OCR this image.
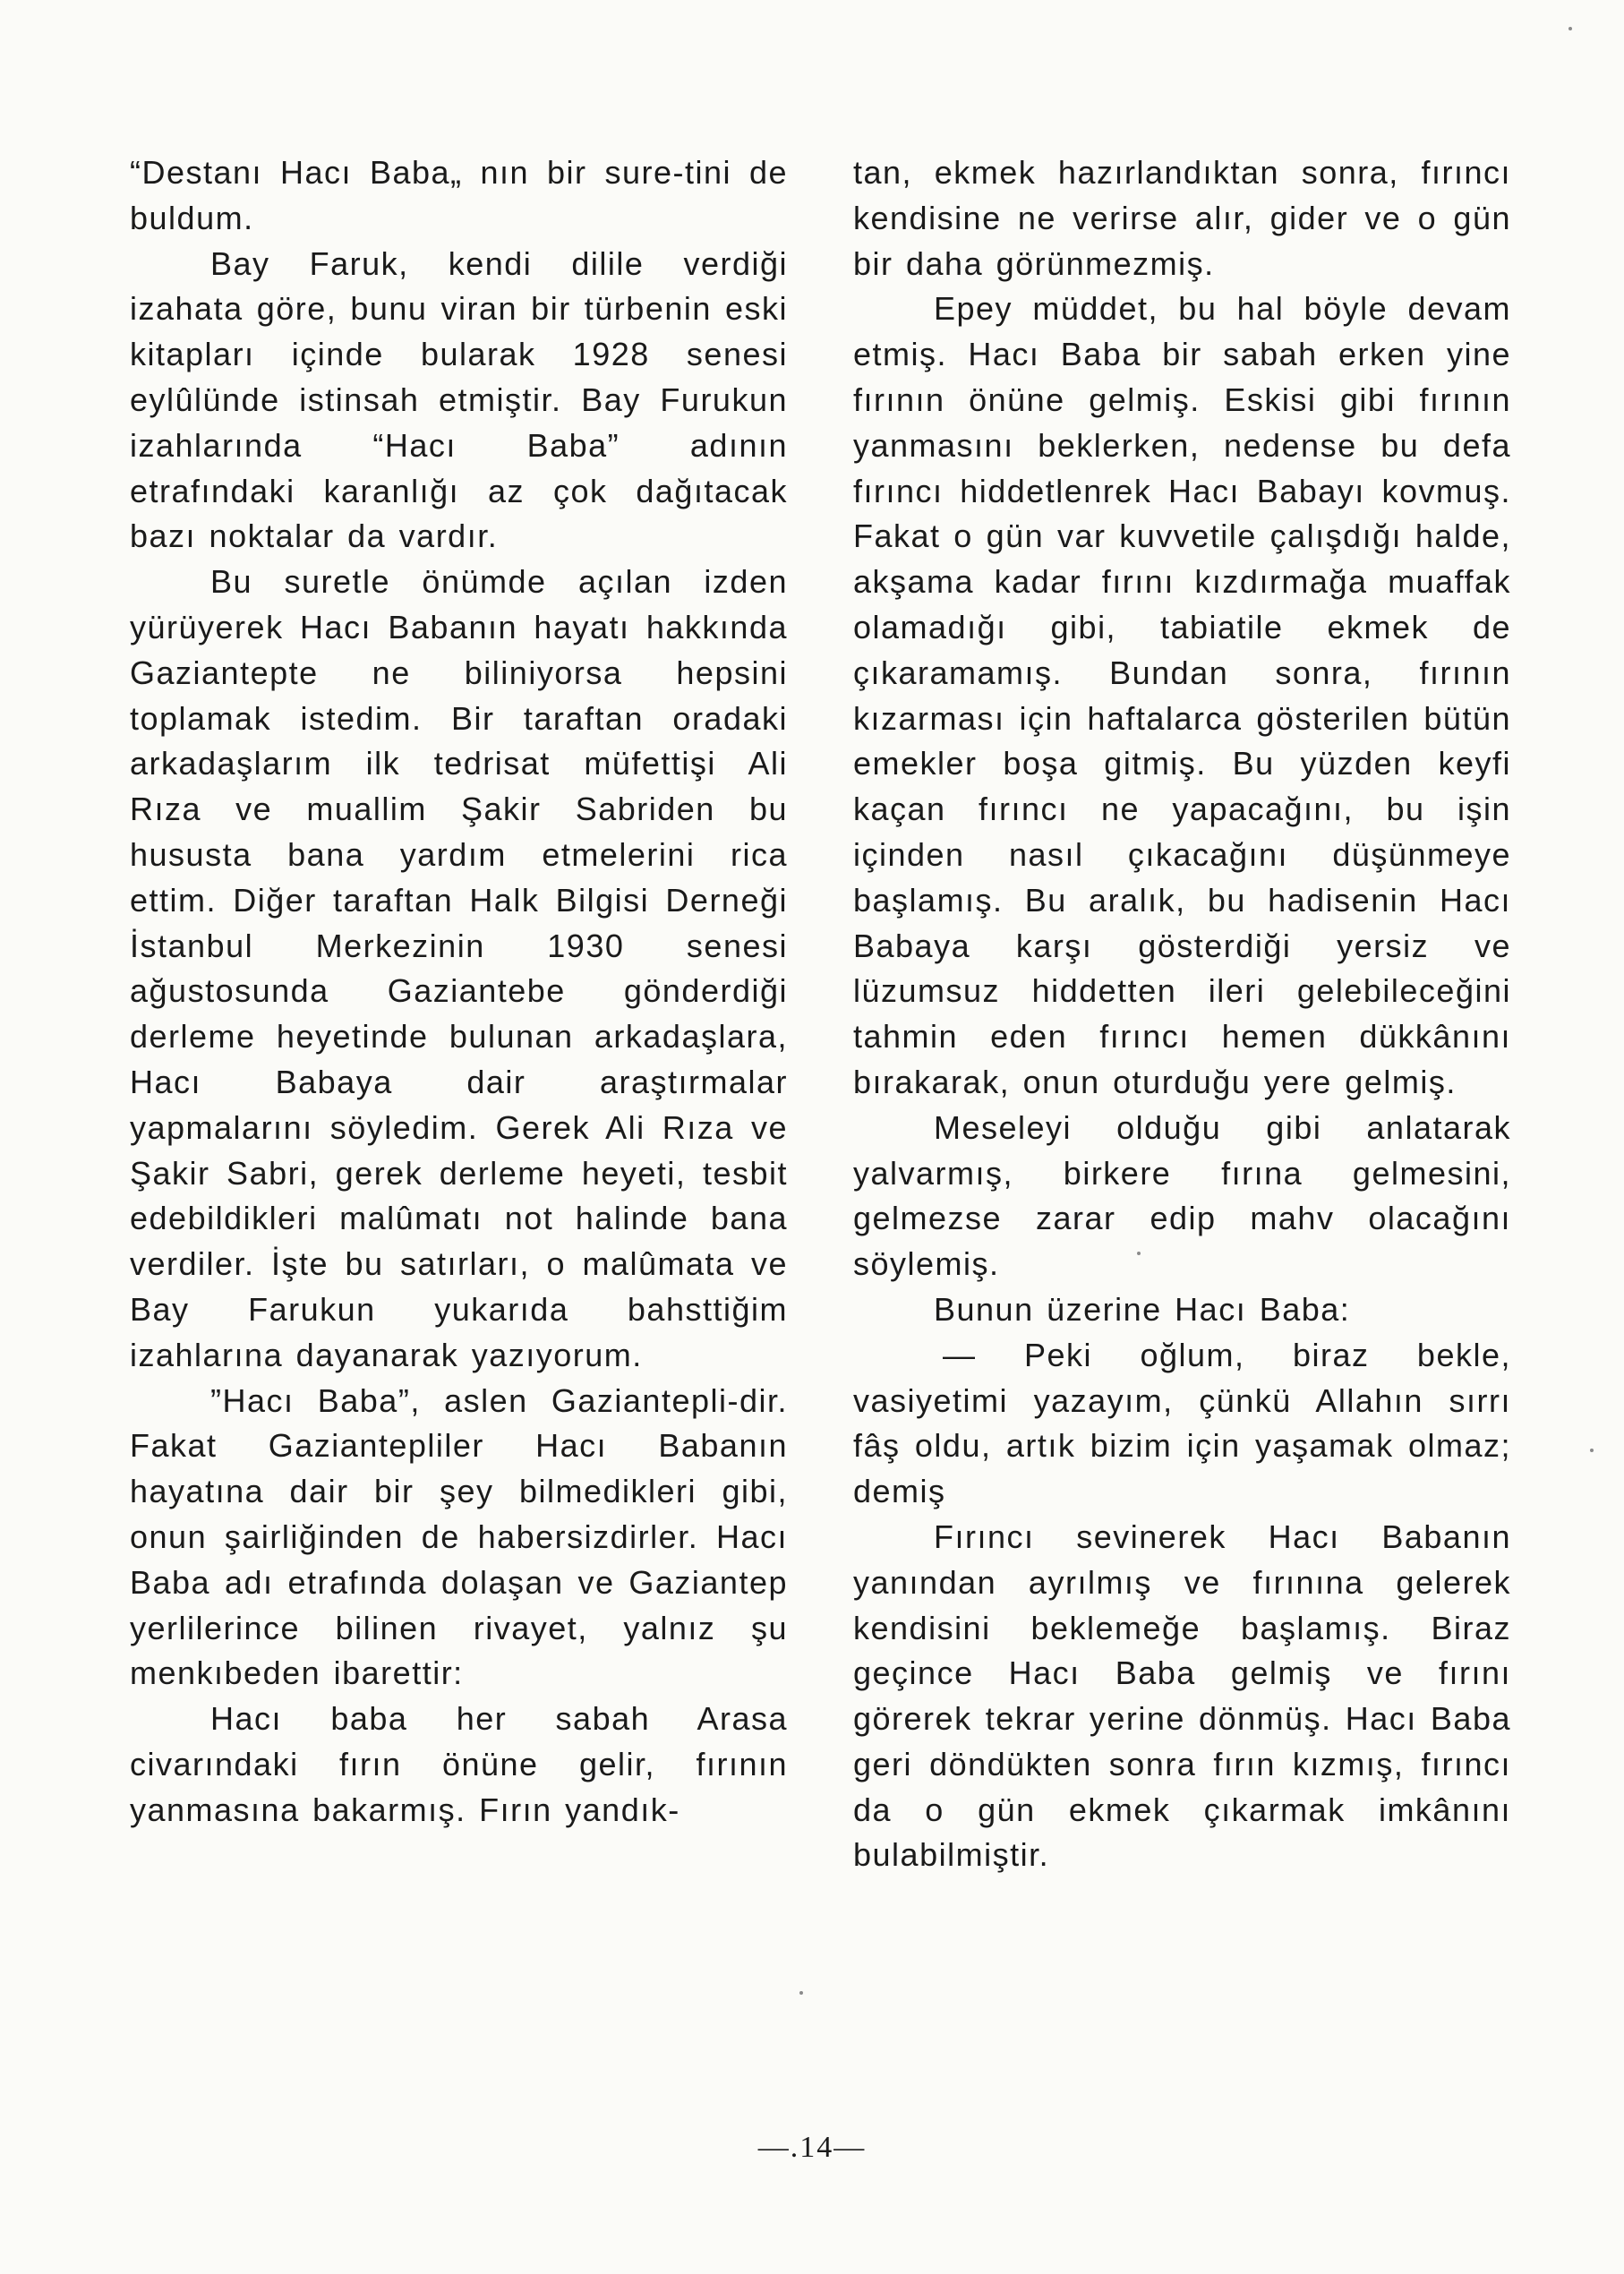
“Destanı Hacı Baba„ nın bir sure-tini de buldum.

Bay Faruk, kendi dilile verdiği izahata göre, bunu viran bir türbenin eski kitapları içinde bularak 1928 senesi eylûlünde istinsah etmiştir. Bay Furukun izahlarında “Hacı Baba” adının etrafındaki karanlığı az çok dağıtacak bazı noktalar da vardır.

Bu suretle önümde açılan izden yürüyerek Hacı Babanın hayatı hakkında Gaziantepte ne biliniyorsa hepsini toplamak istedim. Bir taraftan oradaki arkadaşlarım ilk tedrisat müfettişi Ali Rıza ve muallim Şakir Sabriden bu hususta bana yardım etmelerini rica ettim. Diğer taraftan Halk Bilgisi Derneği İstanbul Merkezinin 1930 senesi ağustosunda Gaziantebe gönderdiği derleme heyetinde bulunan arkadaşlara, Hacı Babaya dair araştırmalar yapmalarını söyledim. Gerek Ali Rıza ve Şakir Sabri, gerek derleme heyeti, tesbit edebildikleri malûmatı not halinde bana verdiler. İşte bu satırları, o malûmata ve Bay Farukun yukarıda bahsttiğim izahlarına dayanarak yazıyorum.

”Hacı Baba”, aslen Gaziantepli-dir. Fakat Gaziantepliler Hacı Babanın hayatına dair bir şey bilmedikleri gibi, onun şairliğinden de habersizdirler. Hacı Baba adı etrafında dolaşan ve Gaziantep yerlilerince bilinen rivayet, yalnız şu menkıbeden ibarettir:

Hacı baba her sabah Arasa civarındaki fırın önüne gelir, fırının yanmasına bakarmış. Fırın yandık-

tan, ekmek hazırlandıktan sonra, fırıncı kendisine ne verirse alır, gider ve o gün bir daha görünmezmiş.

Epey müddet, bu hal böyle devam etmiş. Hacı Baba bir sabah erken yine fırının önüne gelmiş. Eskisi gibi fırının yanmasını beklerken, nedense bu defa fırıncı hiddetlenrek Hacı Babayı kovmuş. Fakat o gün var kuvvetile çalışdığı halde, akşama kadar fırını kızdırmağa muaffak olamadığı gibi, tabiatile ekmek de çıkaramamış. Bundan sonra, fırının kızarması için haftalarca gösterilen bütün emekler boşa gitmiş. Bu yüzden keyfi kaçan fırıncı ne yapacağını, bu işin içinden nasıl çıkacağını düşünmeye başlamış. Bu aralık, bu hadisenin Hacı Babaya karşı gösterdiği yersiz ve lüzumsuz hiddetten ileri gelebileceğini tahmin eden fırıncı hemen dükkânını bırakarak, onun oturduğu yere gelmiş.

Meseleyi olduğu gibi anlatarak yalvarmış, birkere fırına gelmesini, gelmezse zarar edip mahv olacağını söylemiş.

Bunun üzerine Hacı Baba:

— Peki oğlum, biraz bekle, vasiyetimi yazayım, çünkü Allahın sırrı fâş oldu, artık bizim için yaşamak olmaz; demiş

Fırıncı sevinerek Hacı Babanın yanından ayrılmış ve fırınına gelerek kendisini beklemeğe başlamış. Biraz geçince Hacı Baba gelmiş ve fırını görerek tekrar yerine dönmüş. Hacı Baba geri döndükten sonra fırın kızmış, fırıncı da o gün ekmek çıkarmak imkânını bulabilmiştir.

—.14—
